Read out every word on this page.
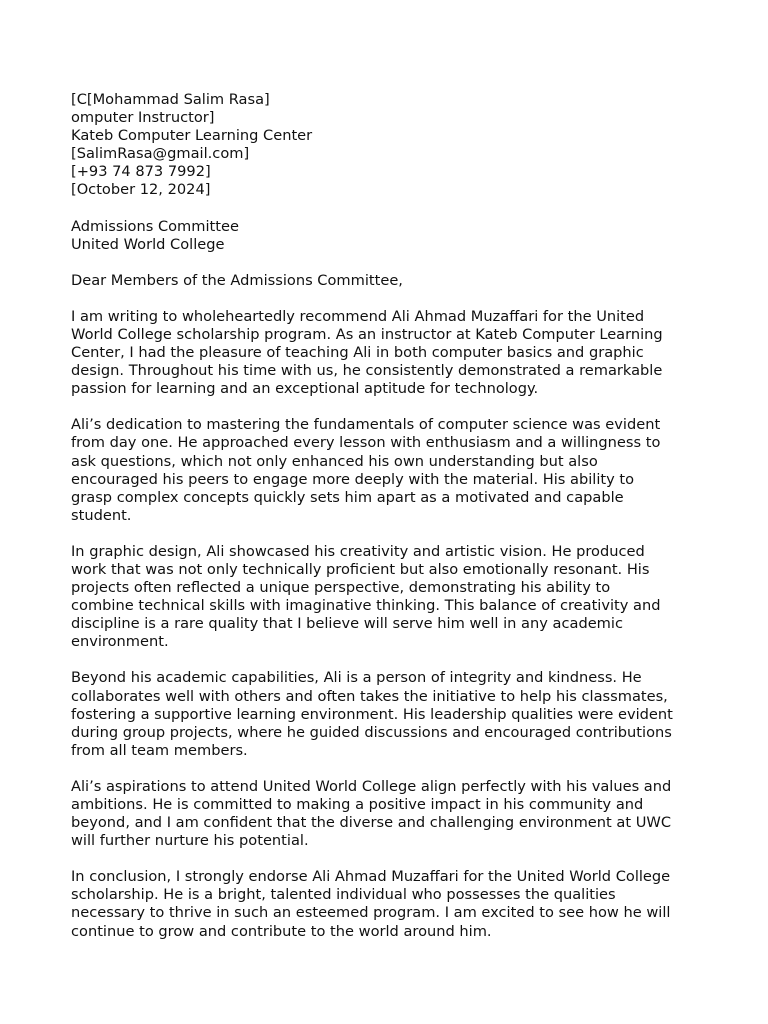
[C[Mohammad Salim Rasa]
omputer Instructor]
Kateb Computer Learning Center
[SalimRasa@gmail.com]
[+93 74 873 7992]
[October 12, 2024]
Admissions Committee
United World College
Dear Members of the Admissions Committee,

I am writing to wholeheartedly recommend Ali Ahmad Muzaffari for the United
World College scholarship program. As an instructor at Kateb Computer Learning
Center, I had the pleasure of teaching Ali in both computer basics and graphic
design. Throughout his time with us, he consistently demonstrated a remarkable
passion for learning and an exceptional aptitude for technology.

Ali’s dedication to mastering the fundamentals of computer science was evident
from day one. He approached every lesson with enthusiasm and a willingness to
ask questions, which not only enhanced his own understanding but also
encouraged his peers to engage more deeply with the material. His ability to
grasp complex concepts quickly sets him apart as a motivated and capable
student.

In graphic design, Ali showcased his creativity and artistic vision. He produced
work that was not only technically proficient but also emotionally resonant. His
projects often reflected a unique perspective, demonstrating his ability to
combine technical skills with imaginative thinking. This balance of creativity and
discipline is a rare quality that I believe will serve him well in any academic
environment.

Beyond his academic capabilities, Ali is a person of integrity and kindness. He
collaborates well with others and often takes the initiative to help his classmates,
fostering a supportive learning environment. His leadership qualities were evident
during group projects, where he guided discussions and encouraged contributions
from all team members.

Ali’s aspirations to attend United World College align perfectly with his values and
ambitions. He is committed to making a positive impact in his community and
beyond, and I am confident that the diverse and challenging environment at UWC
will further nurture his potential.

In conclusion, I strongly endorse Ali Ahmad Muzaffari for the United World College
scholarship. He is a bright, talented individual who possesses the qualities
necessary to thrive in such an esteemed program. I am excited to see how he will
continue to grow and contribute to the world around him.
